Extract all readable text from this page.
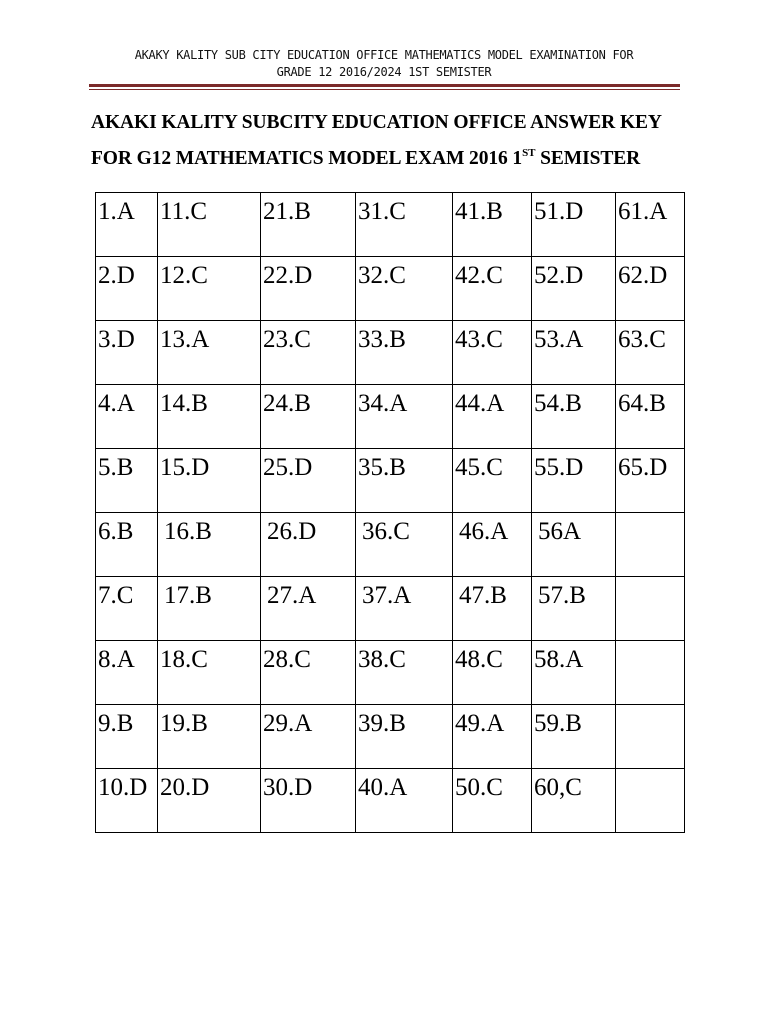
AKAKY KALITY SUB CITY EDUCATION OFFICE MATHEMATICS MODEL EXAMINATION FOR
GRADE 12 2016/2024 1ST SEMISTER
AKAKI KALITY SUBCITY EDUCATION OFFICE ANSWER KEY
FOR G12 MATHEMATICS MODEL EXAM 2016 1ST SEMISTER
1.A	11.C	21.B	31.C	41.B	51.D	61.A
2.D	12.C	22.D	32.C	42.C	52.D	62.D
3.D	13.A	23.C	33.B	43.C	53.A	63.C
4.A	14.B	24.B	34.A	44.A	54.B	64.B
5.B	15.D	25.D	35.B	45.C	55.D	65.D
6.B	16.B	26.D	36.C	46.A	56A	
7.C	17.B	27.A	37.A	47.B	57.B	
8.A	18.C	28.C	38.C	48.C	58.A	
9.B	19.B	29.A	39.B	49.A	59.B	
10.D	20.D	30.D	40.A	50.C	60,C	
